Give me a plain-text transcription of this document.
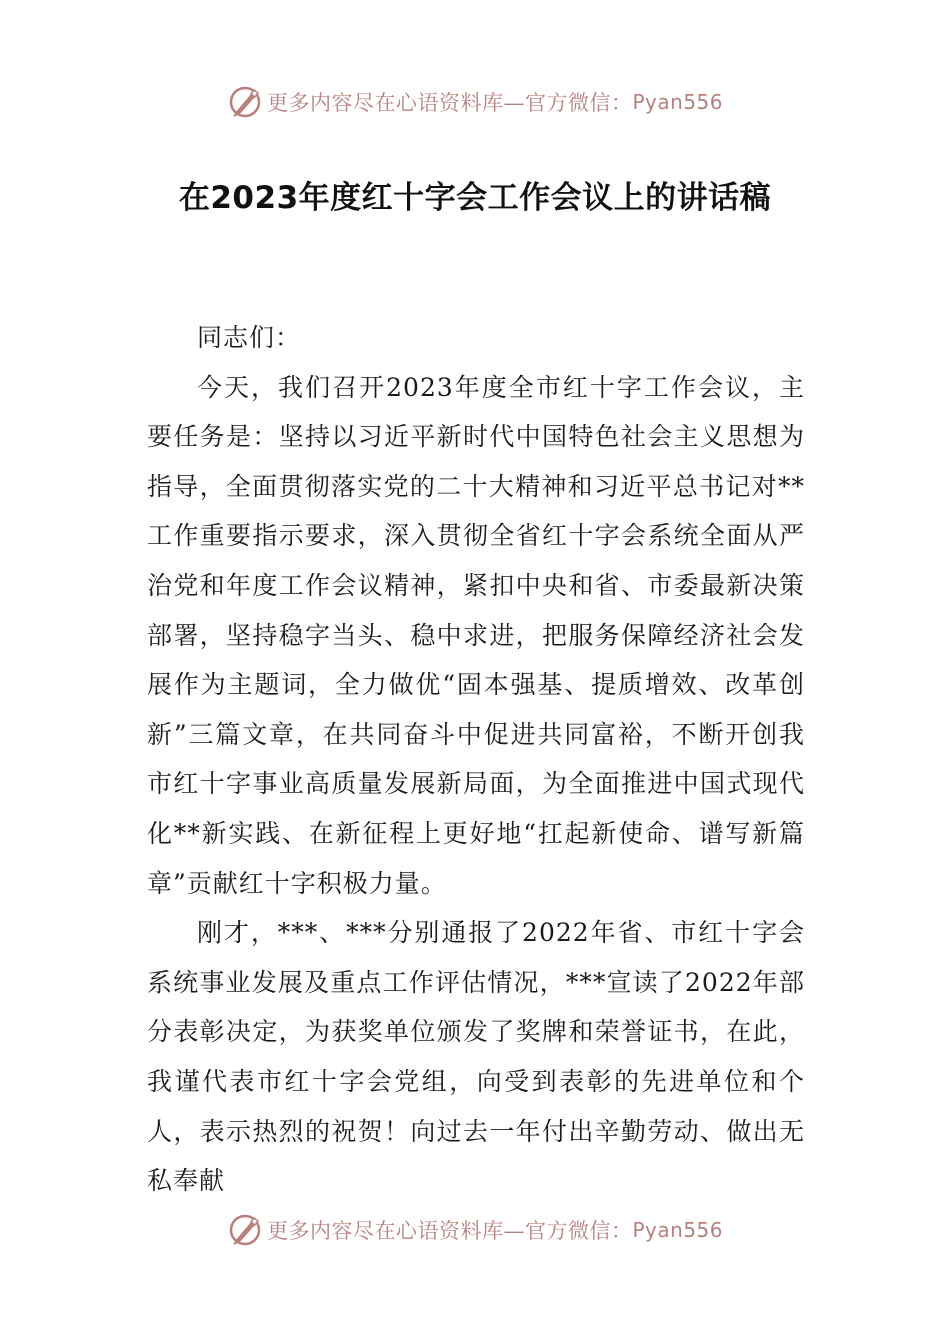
更多内容尽在心语资料库—官方微信： Pyan556
在2023年度红十字会工作会议上的讲话稿

同志们：

今天，我们召开2023年度全市红十字工作会议，主要任务是：坚持以习近平新时代中国特色社会主义思想为指导，全面贯彻落实党的二十大精神和习近平总书记对**工作重要指示要求，深入贯彻全省红十字会系统全面从严治党和年度工作会议精神，紧扣中央和省、市委最新决策部署，坚持稳字当头、稳中求进，把服务保障经济社会发展作为主题词，全力做优“固本强基、提质增效、改革创新”三篇文章，在共同奋斗中促进共同富裕，不断开创我市红十字事业高质量发展新局面，为全面推进中国式现代化**新实践、在新征程上更好地“扛起新使命、谱写新篇章”贡献红十字积极力量。

刚才，***、***分别通报了2022年省、市红十字会系统事业发展及重点工作评估情况，***宣读了2022年部分表彰决定，为获奖单位颁发了奖牌和荣誉证书，在此，我谨代表市红十字会党组，向受到表彰的先进单位和个人，表示热烈的祝贺！向过去一年付出辛勤劳动、做出无私奉献

更多内容尽在心语资料库—官方微信： Pyan556
